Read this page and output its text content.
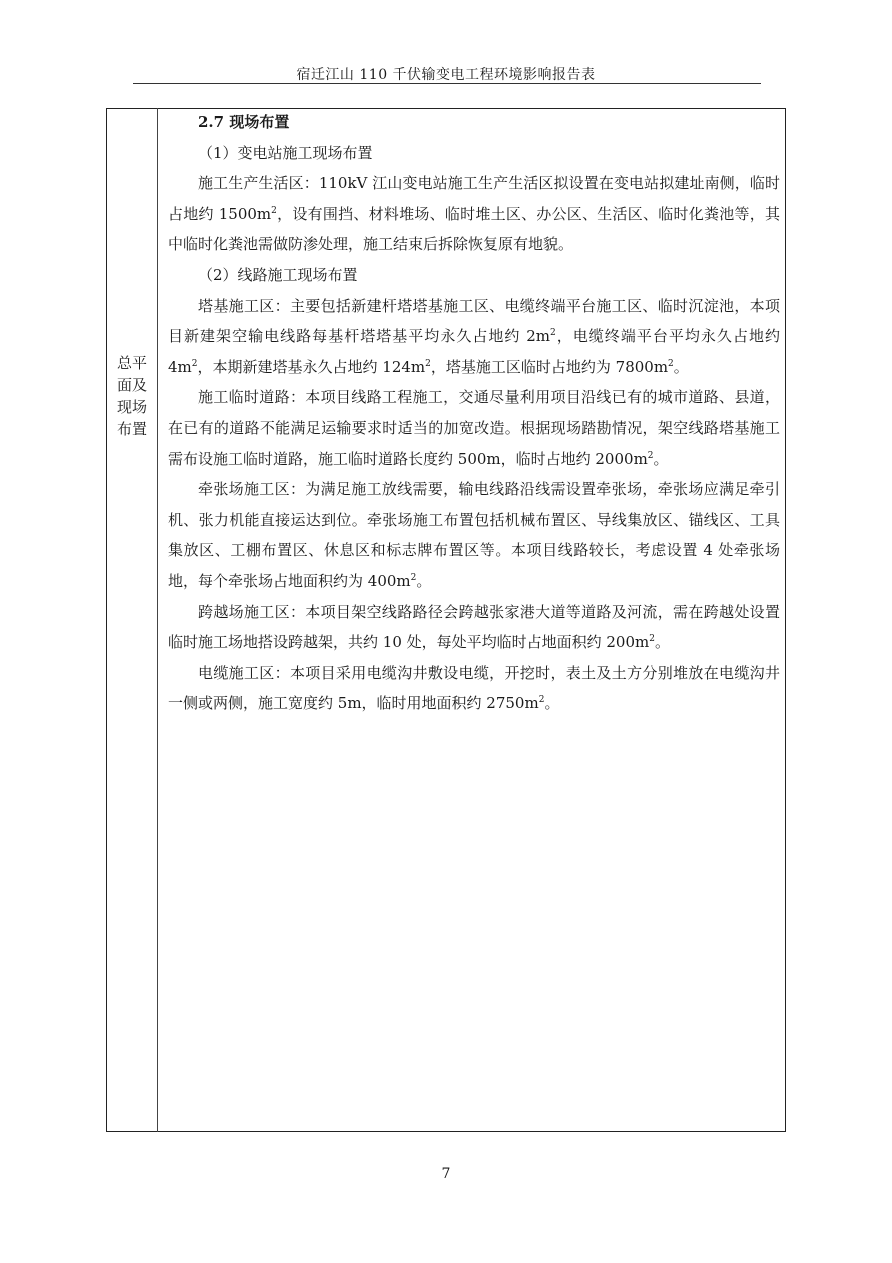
宿迁江山 110 千伏输变电工程环境影响报告表
总平
面及
现场
布置

2.7 现场布置

（1）变电站施工现场布置

施工生产生活区：110kV 江山变电站施工生产生活区拟设置在变电站拟建址南侧，临时占地约 $1500m^2$，设有围挡、材料堆场、临时堆土区、办公区、生活区、临时化粪池等，其中临时化粪池需做防渗处理，施工结束后拆除恢复原有地貌。

（2）线路施工现场布置

塔基施工区：主要包括新建杆塔塔基施工区、电缆终端平台施工区、临时沉淀池，本项目新建架空输电线路每基杆塔塔基平均永久占地约 $2m^2$，电缆终端平台平均永久占地约 $4m^2$，本期新建塔基永久占地约 $124m^2$，塔基施工区临时占地约为 $7800m^2$。

施工临时道路：本项目线路工程施工，交通尽量利用项目沿线已有的城市道路、县道，在已有的道路不能满足运输要求时适当的加宽改造。根据现场踏勘情况，架空线路塔基施工需布设施工临时道路，施工临时道路长度约 500m，临时占地约 $2000m^2$。

牵张场施工区：为满足施工放线需要，输电线路沿线需设置牵张场，牵张场应满足牵引机、张力机能直接运达到位。牵张场施工布置包括机械布置区、导线集放区、锚线区、工具集放区、工棚布置区、休息区和标志牌布置区等。本项目线路较长，考虑设置 4 处牵张场地，每个牵张场占地面积约为 $400m^2$。

跨越场施工区：本项目架空线路路径会跨越张家港大道等道路及河流，需在跨越处设置临时施工场地搭设跨越架，共约 10 处，每处平均临时占地面积约 $200m^2$。

电缆施工区：本项目采用电缆沟井敷设电缆，开挖时，表土及土方分别堆放在电缆沟井一侧或两侧，施工宽度约 5m，临时用地面积约 $2750m^2$。

7
